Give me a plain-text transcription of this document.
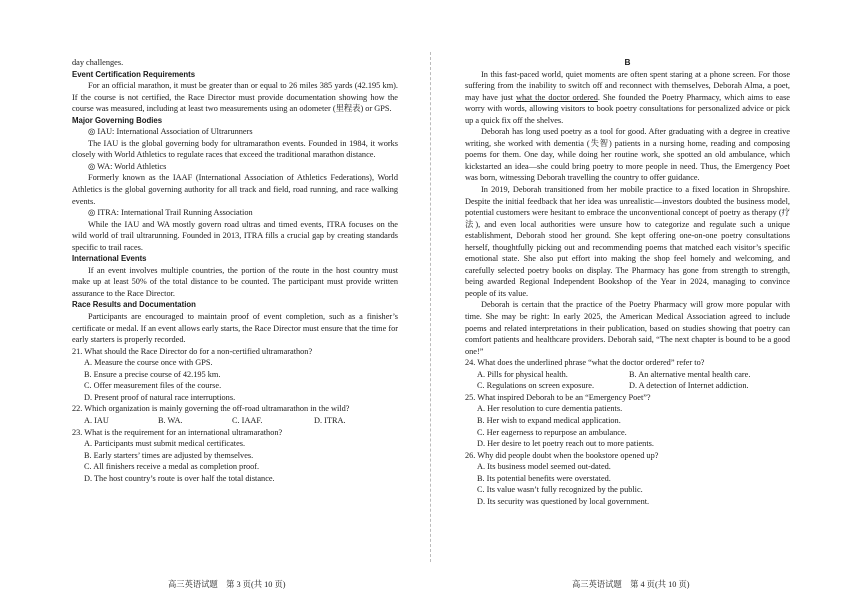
day challenges.

Event Certification Requirements

For an official marathon, it must be greater than or equal to 26 miles 385 yards (42.195 km). If the course is not certified, the Race Director must provide documentation showing how the course was measured, including at least two measurements using an odometer (里程表) or GPS.

Major Governing Bodies

◎ IAU: International Association of Ultrarunners

The IAU is the global governing body for ultramarathon events. Founded in 1984, it works closely with World Athletics to regulate races that exceed the traditional marathon distance.

◎ WA: World Athletics

Formerly known as the IAAF (International Association of Athletics Federations), World Athletics is the global governing authority for all track and field, road running, and race walking events.

◎ ITRA: International Trail Running Association

While the IAU and WA mostly govern road ultras and timed events, ITRA focuses on the wild world of trail ultrarunning. Founded in 2013, ITRA fills a crucial gap by creating standards specific to trail races.

International Events

If an event involves multiple countries, the portion of the route in the host country must make up at least 50% of the total distance to be counted. The participant must provide written assurance to the Race Director.

Race Results and Documentation

Participants are encouraged to maintain proof of event completion, such as a finisher’s certificate or medal. If an event allows early starts, the Race Director must ensure that the time for early starters is properly recorded.

21. What should the Race Director do for a non-certified ultramarathon?

A. Measure the course once with GPS.

B. Ensure a precise course of 42.195 km.

C. Offer measurement files of the course.

D. Present proof of natural race interruptions.

22. Which organization is mainly governing the off-road ultramarathon in the wild?

A. IAU	B. WA.	C. IAAF.	D. ITRA.

23. What is the requirement for an international ultramarathon?

A. Participants must submit medical certificates.

B. Early starters’ times are adjusted by themselves.

C. All finishers receive a medal as completion proof.

D. The host country’s route is over half the total distance.

B

In this fast-paced world, quiet moments are often spent staring at a phone screen. For those suffering from the inability to switch off and reconnect with themselves, Deborah Alma, a poet, may have just what the doctor ordered. She founded the Poetry Pharmacy, which aims to ease worry with words, allowing visitors to book poetry consultations for personalized advice or pick up a quick fix off the shelves.

Deborah has long used poetry as a tool for good. After graduating with a degree in creative writing, she worked with dementia (失智) patients in a nursing home, reading and composing poems for them. One day, while doing her routine work, she spotted an old ambulance, which kickstarted an idea—she could bring poetry to more people in need. Thus, the Emergency Poet was born, witnessing Deborah travelling the country to offer guidance.

In 2019, Deborah transitioned from her mobile practice to a fixed location in Shropshire. Despite the initial feedback that her idea was unrealistic—investors doubted the business model, potential customers were hesitant to embrace the unconventional concept of poetry as therapy (疗法), and even local authorities were unsure how to categorize and regulate such a unique establishment, Deborah stood her ground. She kept offering one-on-one poetry consultations herself, thoughtfully picking out and recommending poems that matched each visitor’s specific emotional state. She also put effort into making the shop feel homely and welcoming, and carefully selected poetry books on display. The Pharmacy has gone from strength to strength, being awarded Regional Independent Bookshop of the Year in 2024, managing to convince people of its value.

Deborah is certain that the practice of the Poetry Pharmacy will grow more popular with time. She may be right: In early 2025, the American Medical Association agreed to include poems and related interpretations in their publication, based on studies showing that poetry can comfort patients and healthcare providers. Deborah said, “The next chapter is bound to be a good one!”

24. What does the underlined phrase “what the doctor ordered” refer to?

A. Pills for physical health.	B. An alternative mental health care.
C. Regulations on screen exposure.	D. A detection of Internet addiction.

25. What inspired Deborah to be an “Emergency Poet”?

A. Her resolution to cure dementia patients.

B. Her wish to expand medical application.

C. Her eagerness to repurpose an ambulance.

D. Her desire to let poetry reach out to more patients.

26. Why did people doubt when the bookstore opened up?

A. Its business model seemed out-dated.

B. Its potential benefits were overstated.

C. Its value wasn’t fully recognized by the public.

D. Its security was questioned by local government.

高三英语试题　第 3 页(共 10 页)	高三英语试题　第 4 页(共 10 页)
